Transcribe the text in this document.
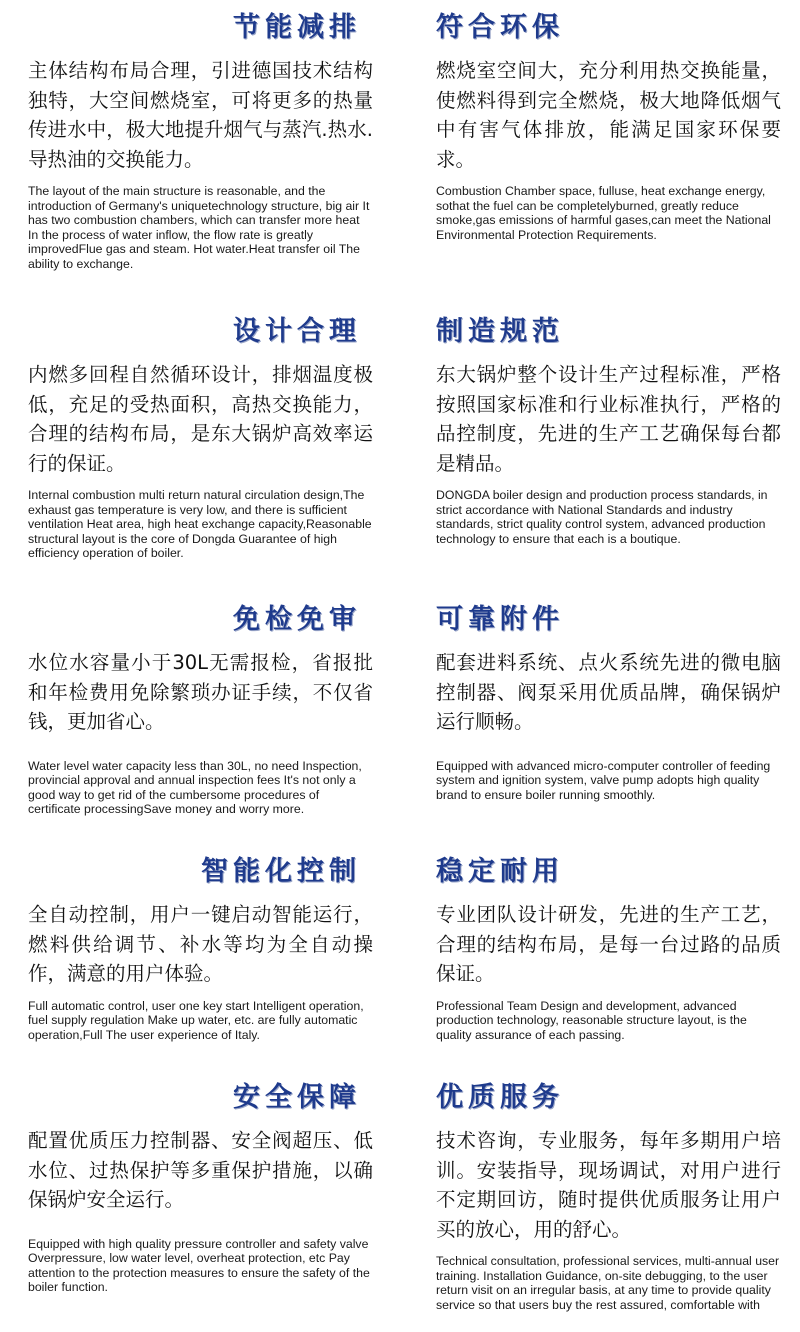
节能减排
主体结构布局合理，引进德国技术结构独特，大空间燃烧室，可将更多的热量传进水中，极大地提升烟气与蒸汽.热水.导热油的交换能力。
The layout of the main structure is reasonable, and the introduction of Germany's uniquetechnology structure, big air It has two combustion chambers, which can transfer more heat In the process of water inflow, the flow rate is greatly improvedFlue gas and steam. Hot water.Heat transfer oil The ability to exchange.
符合环保
燃烧室空间大，充分利用热交换能量，使燃料得到完全燃烧，极大地降低烟气中有害气体排放，能满足国家环保要求。
Combustion Chamber space, fulluse, heat exchange energy, sothat the fuel can be completelyburned, greatly reduce smoke,gas emissions of harmful gases,can meet the National Environmental Protection Requirements.
设计合理
内燃多回程自然循环设计，排烟温度极低，充足的受热面积，高热交换能力，合理的结构布局，是东大锅炉高效率运行的保证。
Internal combustion multi return natural circulation design,The exhaust gas temperature is very low, and there is sufficient ventilation Heat area, high heat exchange capacity,Reasonable structural layout is the core of Dongda Guarantee of high efficiency operation of boiler.
制造规范
东大锅炉整个设计生产过程标准，严格按照国家标准和行业标准执行，严格的品控制度，先进的生产工艺确保每台都是精品。
DONGDA boiler design and production process standards, in strict accordance with National Standards and industry standards, strict quality control system, advanced production technology to ensure that each is a boutique.
免检免审
水位水容量小于30L无需报检，省报批和年检费用免除繁琐办证手续，不仅省钱，更加省心。
Water level water capacity less than 30L, no need Inspection, provincial approval and annual inspection fees It's not only a good way to get rid of the cumbersome procedures of certificate processingSave money and worry more.
可靠附件
配套进料系统、点火系统先进的微电脑控制器、阀泵采用优质品牌，确保锅炉运行顺畅。
Equipped with advanced micro-computer controller of feeding system and ignition system, valve pump adopts high quality brand to ensure boiler running smoothly.
智能化控制
全自动控制，用户一键启动智能运行，燃料供给调节、补水等均为全自动操作，满意的用户体验。
Full automatic control, user one key start Intelligent operation, fuel supply regulation Make up water, etc. are fully automatic operation,Full The user experience of Italy.
稳定耐用
专业团队设计研发，先进的生产工艺，合理的结构布局，是每一台过路的品质保证。
Professional Team Design and development, advanced production technology, reasonable structure layout, is the quality assurance of each passing.
安全保障
配置优质压力控制器、安全阀超压、低水位、过热保护等多重保护措施，以确保锅炉安全运行。
Equipped with high quality pressure controller and safety valve Overpressure, low water level, overheat protection, etc Pay attention to the protection measures to ensure the safety of the boiler function.
优质服务
技术咨询，专业服务，每年多期用户培训。安装指导，现场调试，对用户进行不定期回访，随时提供优质服务让用户买的放心，用的舒心。
Technical consultation, professional services, multi-annual user training. Installation Guidance, on-site debugging, to the user return visit on an irregular basis, at any time to provide quality service so that users buy the rest assured, comfortable with
